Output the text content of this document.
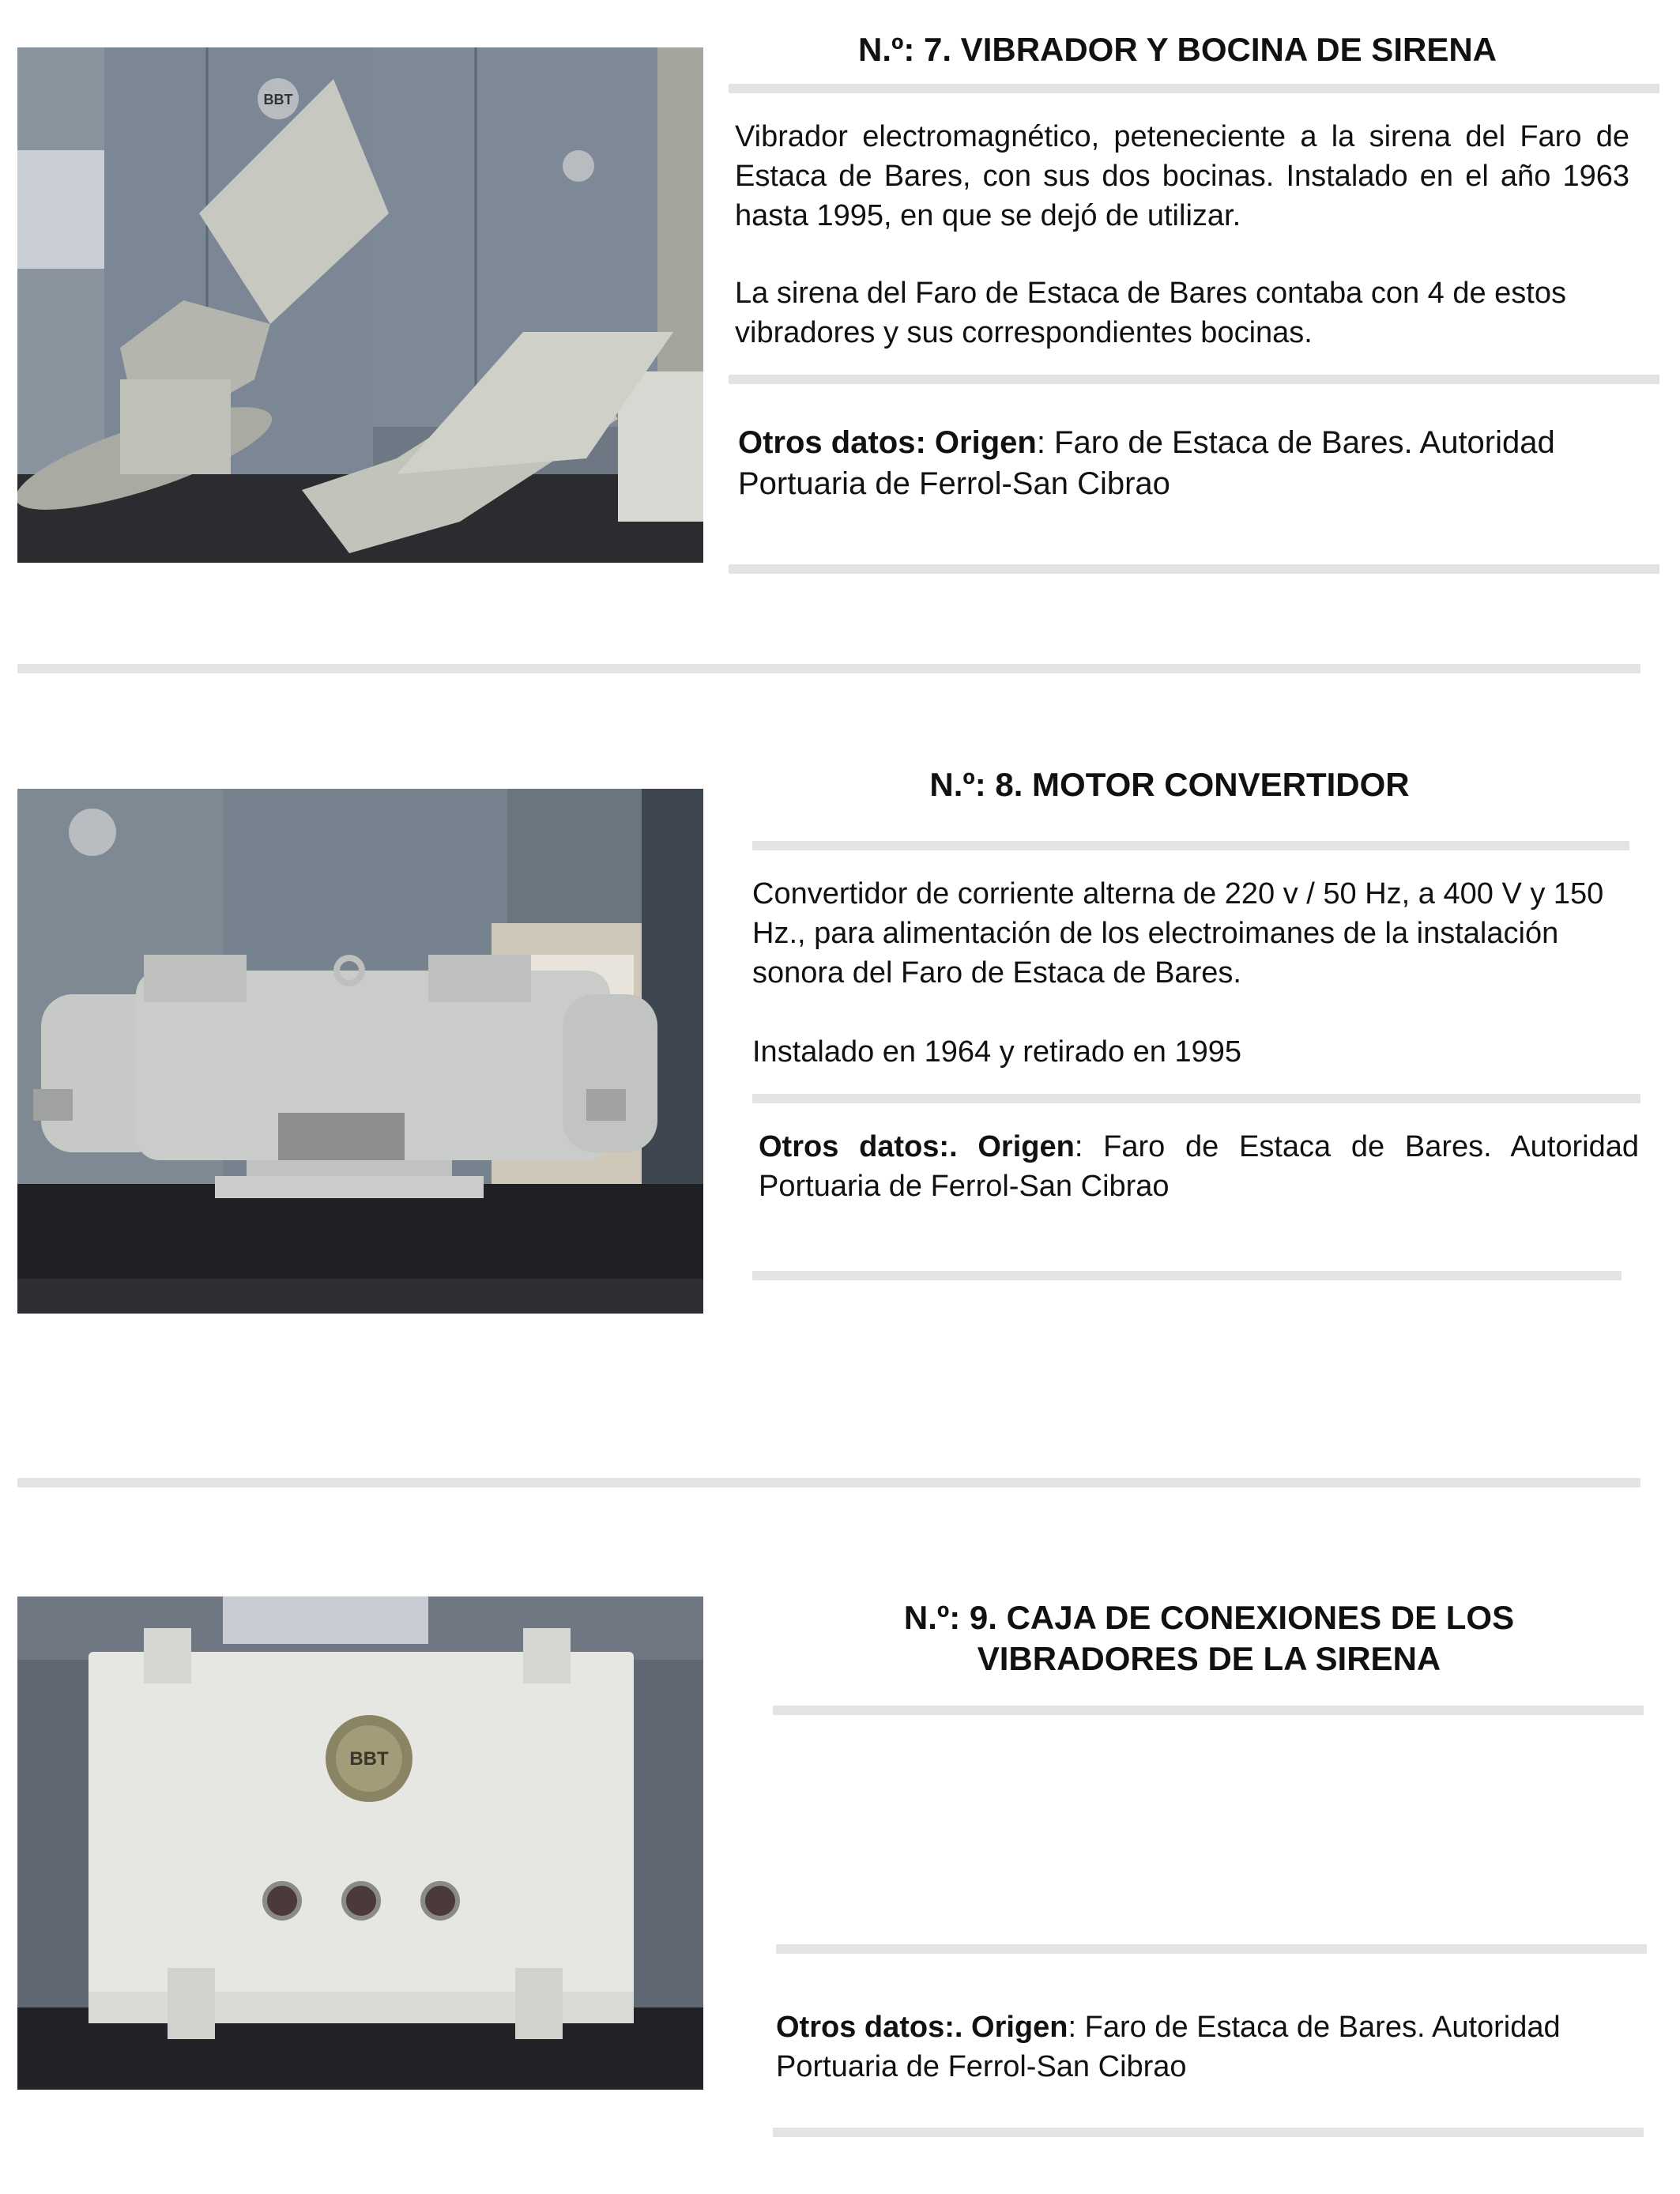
BBT
N.º: 7. VIBRADOR Y BOCINA DE SIRENA
Vibrador electromagnético, peteneciente a la sirena del Faro de Estaca de Bares, con sus dos bocinas. Instalado en el año 1963 hasta 1995, en que se dejó de utilizar.
La sirena del Faro de Estaca de Bares contaba con 4 de estos vibradores y sus correspondientes bocinas.
Otros datos: Origen: Faro de Estaca de Bares. Autoridad Portuaria de Ferrol-San Cibrao
N.º: 8. MOTOR CONVERTIDOR
Convertidor de corriente alterna de 220 v / 50 Hz, a 400 V y 150 Hz., para alimentación de los electroimanes de la instalación sonora del Faro de Estaca de Bares.
Instalado en 1964 y retirado en 1995
Otros datos:. Origen: Faro de Estaca de Bares. Autoridad Portuaria de Ferrol-San Cibrao
BBT
N.º: 9. CAJA DE CONEXIONES DE LOS
VIBRADORES DE LA SIRENA
Otros datos:. Origen: Faro de Estaca de Bares. Autoridad Portuaria de Ferrol-San Cibrao
